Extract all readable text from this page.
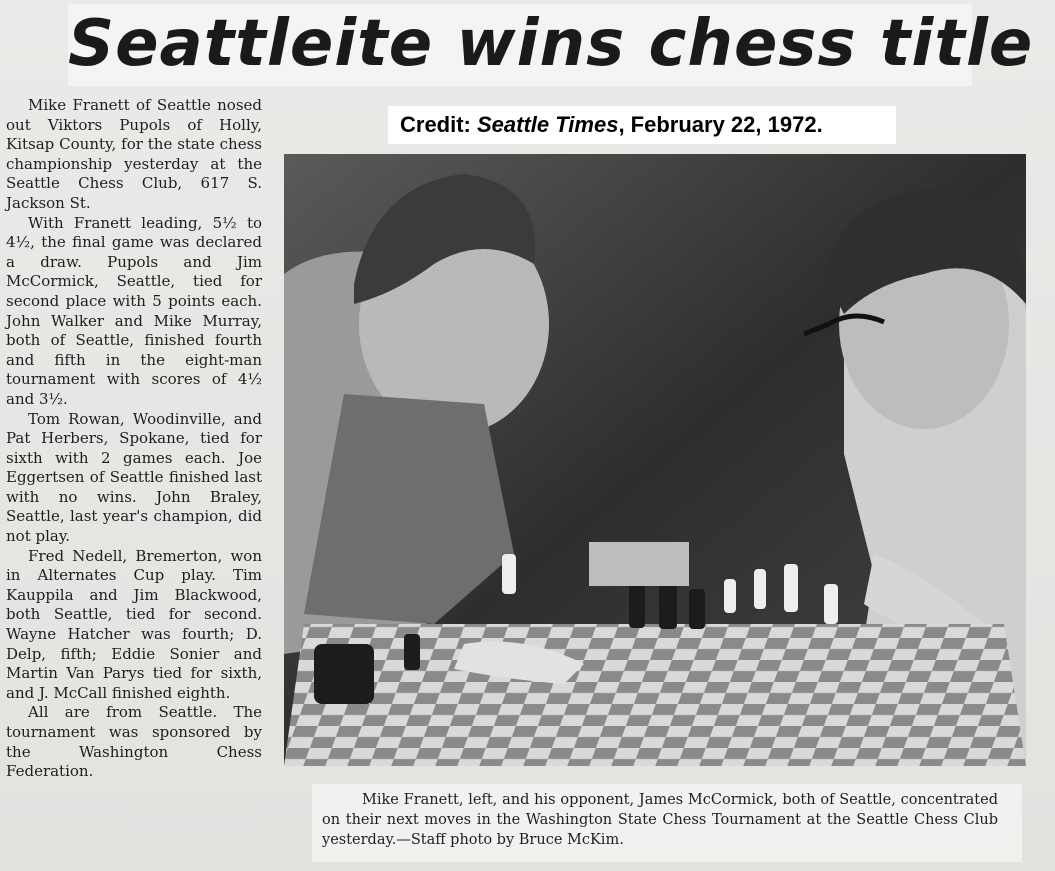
Seattleite wins chess title
Credit: Seattle Times, February 22, 1972.

Mike Franett of Seattle nosed out Viktors Pupols of Holly, Kitsap County, for the state chess championship yesterday at the Seattle Chess Club, 617 S. Jackson St.

With Franett leading, 5½ to 4½, the final game was declared a draw. Pupols and Jim McCormick, Seattle, tied for second place with 5 points each. John Walker and Mike Murray, both of Seattle, finished fourth and fifth in the eight-man tournament with scores of 4½ and 3½.

Tom Rowan, Woodinville, and Pat Herbers, Spokane, tied for sixth with 2 games each. Joe Eggertsen of Seattle finished last with no wins. John Braley, Seattle, last year's champion, did not play.

Fred Nedell, Bremerton, won in Alternates Cup play. Tim Kauppila and Jim Blackwood, both Seattle, tied for second. Wayne Hatcher was fourth; D. Delp, fifth; Eddie Sonier and Martin Van Parys tied for sixth, and J. McCall finished eighth.

All are from Seattle. The tournament was sponsored by the Washington Chess Federation.

Mike Franett, left, and his opponent, James McCormick, both of Seattle, concentrated on their next moves in the Washington State Chess Tournament at the Seattle Chess Club yesterday.—Staff photo by Bruce McKim.
